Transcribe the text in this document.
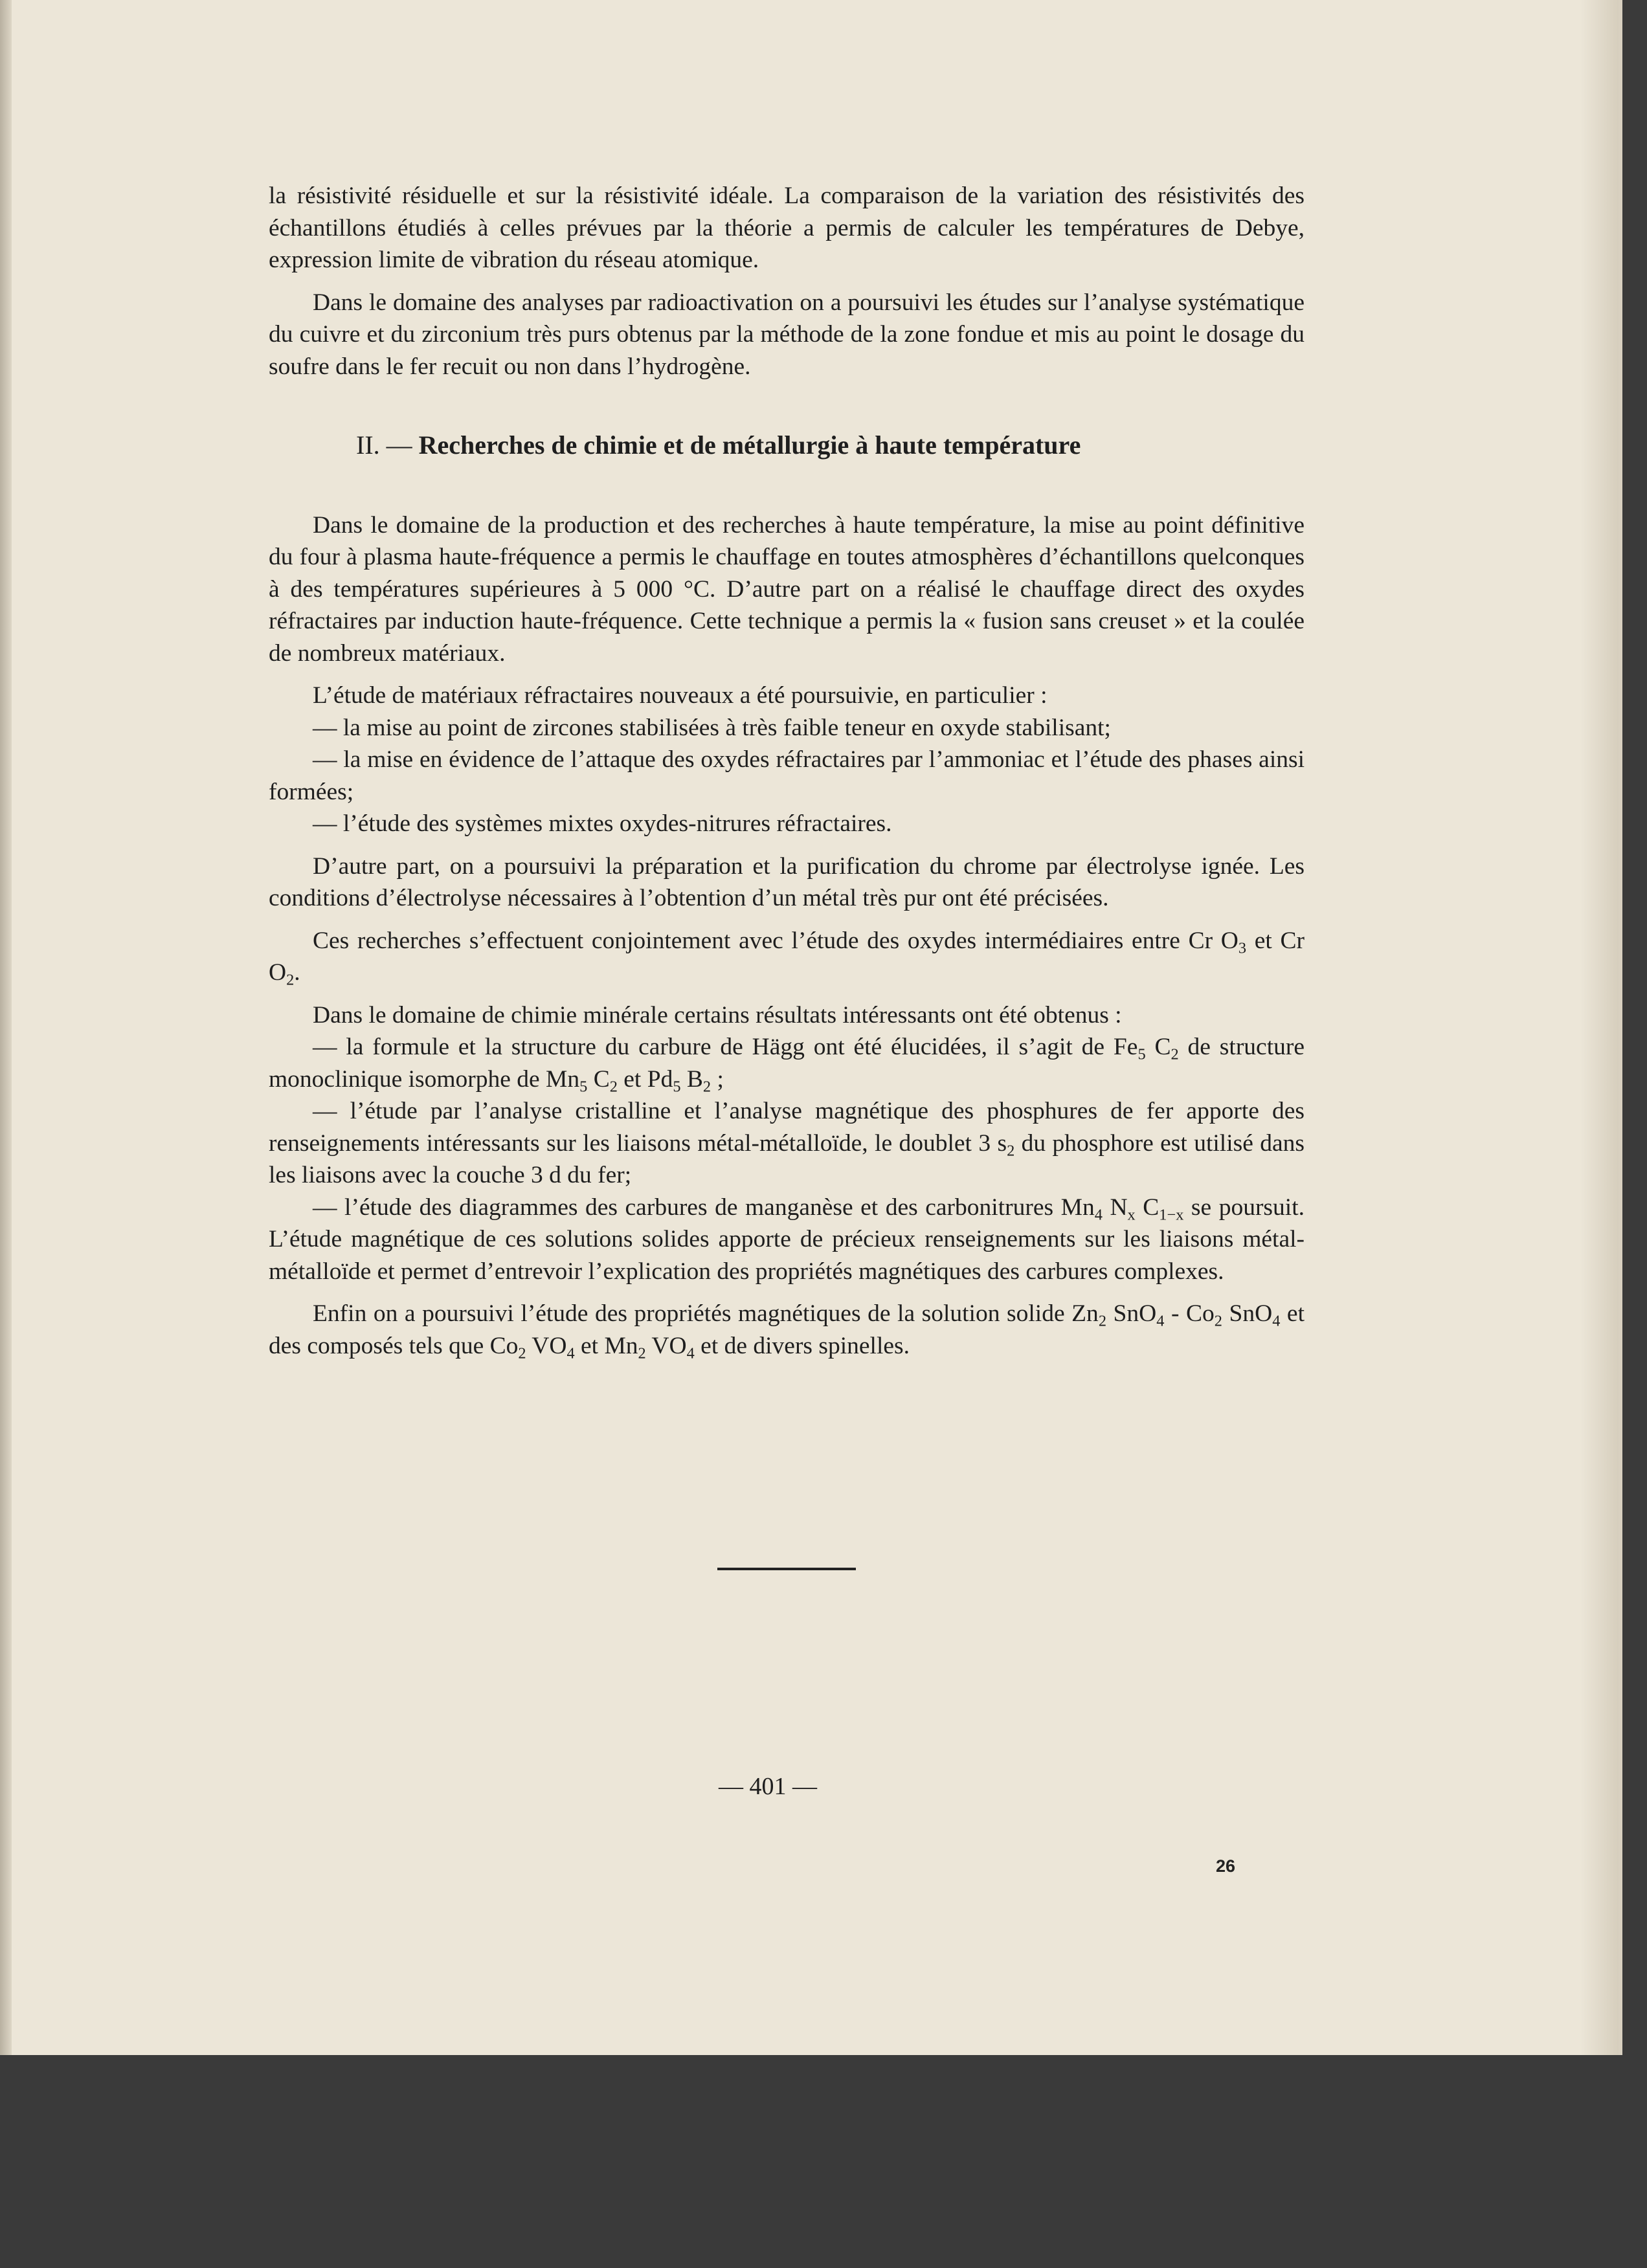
la résistivité résiduelle et sur la résistivité idéale. La comparaison de la variation des résistivités des échantillons étudiés à celles prévues par la théorie a permis de calculer les températures de Debye, expression limite de vibration du réseau atomique.

Dans le domaine des analyses par radioactivation on a poursuivi les études sur l’analyse systématique du cuivre et du zirconium très purs obtenus par la méthode de la zone fondue et mis au point le dosage du soufre dans le fer recuit ou non dans l’hydrogène.

II. — Recherches de chimie et de métallurgie à haute température

Dans le domaine de la production et des recherches à haute température, la mise au point définitive du four à plasma haute-fréquence a permis le chauffage en toutes atmosphères d’échantillons quelconques à des températures supérieures à 5 000 °C. D’autre part on a réalisé le chauffage direct des oxydes réfractaires par induction haute-fréquence. Cette technique a permis la « fusion sans creuset » et la coulée de nombreux matériaux.

L’étude de matériaux réfractaires nouveaux a été poursuivie, en particulier :

— la mise au point de zircones stabilisées à très faible teneur en oxyde stabilisant;

— la mise en évidence de l’attaque des oxydes réfractaires par l’ammoniac et l’étude des phases ainsi formées;

— l’étude des systèmes mixtes oxydes-nitrures réfractaires.

D’autre part, on a poursuivi la préparation et la purification du chrome par électrolyse ignée. Les conditions d’électrolyse nécessaires à l’obtention d’un métal très pur ont été précisées.

Ces recherches s’effectuent conjointement avec l’étude des oxydes intermédiaires entre Cr $O_3$ et Cr $O_2$.

Dans le domaine de chimie minérale certains résultats intéressants ont été obtenus :

— la formule et la structure du carbure de Hägg ont été élucidées, il s’agit de $Fe_5$ $C_2$ de structure monoclinique isomorphe de $Mn_5$ $C_2$ et $Pd_5$ $B_2$ ;

— l’étude par l’analyse cristalline et l’analyse magnétique des phosphures de fer apporte des renseignements intéressants sur les liaisons métal-métalloïde, le doublet 3 $s_2$ du phosphore est utilisé dans les liaisons avec la couche 3 d du fer;

— l’étude des diagrammes des carbures de manganèse et des carbonitrures $Mn_4$ $N_x$ $C_{1-x}$ se poursuit. L’étude magnétique de ces solutions solides apporte de précieux renseignements sur les liaisons métal-métalloïde et permet d’entrevoir l’explication des propriétés magnétiques des carbures complexes.

Enfin on a poursuivi l’étude des propriétés magnétiques de la solution solide $Zn_2$ $SnO_4 - Co_2$ SnO$_4$ et des composés tels que $Co_2$ $VO_4$ et $Mn_2$ $VO_4$ et de divers spinelles.

— 401 —
26
